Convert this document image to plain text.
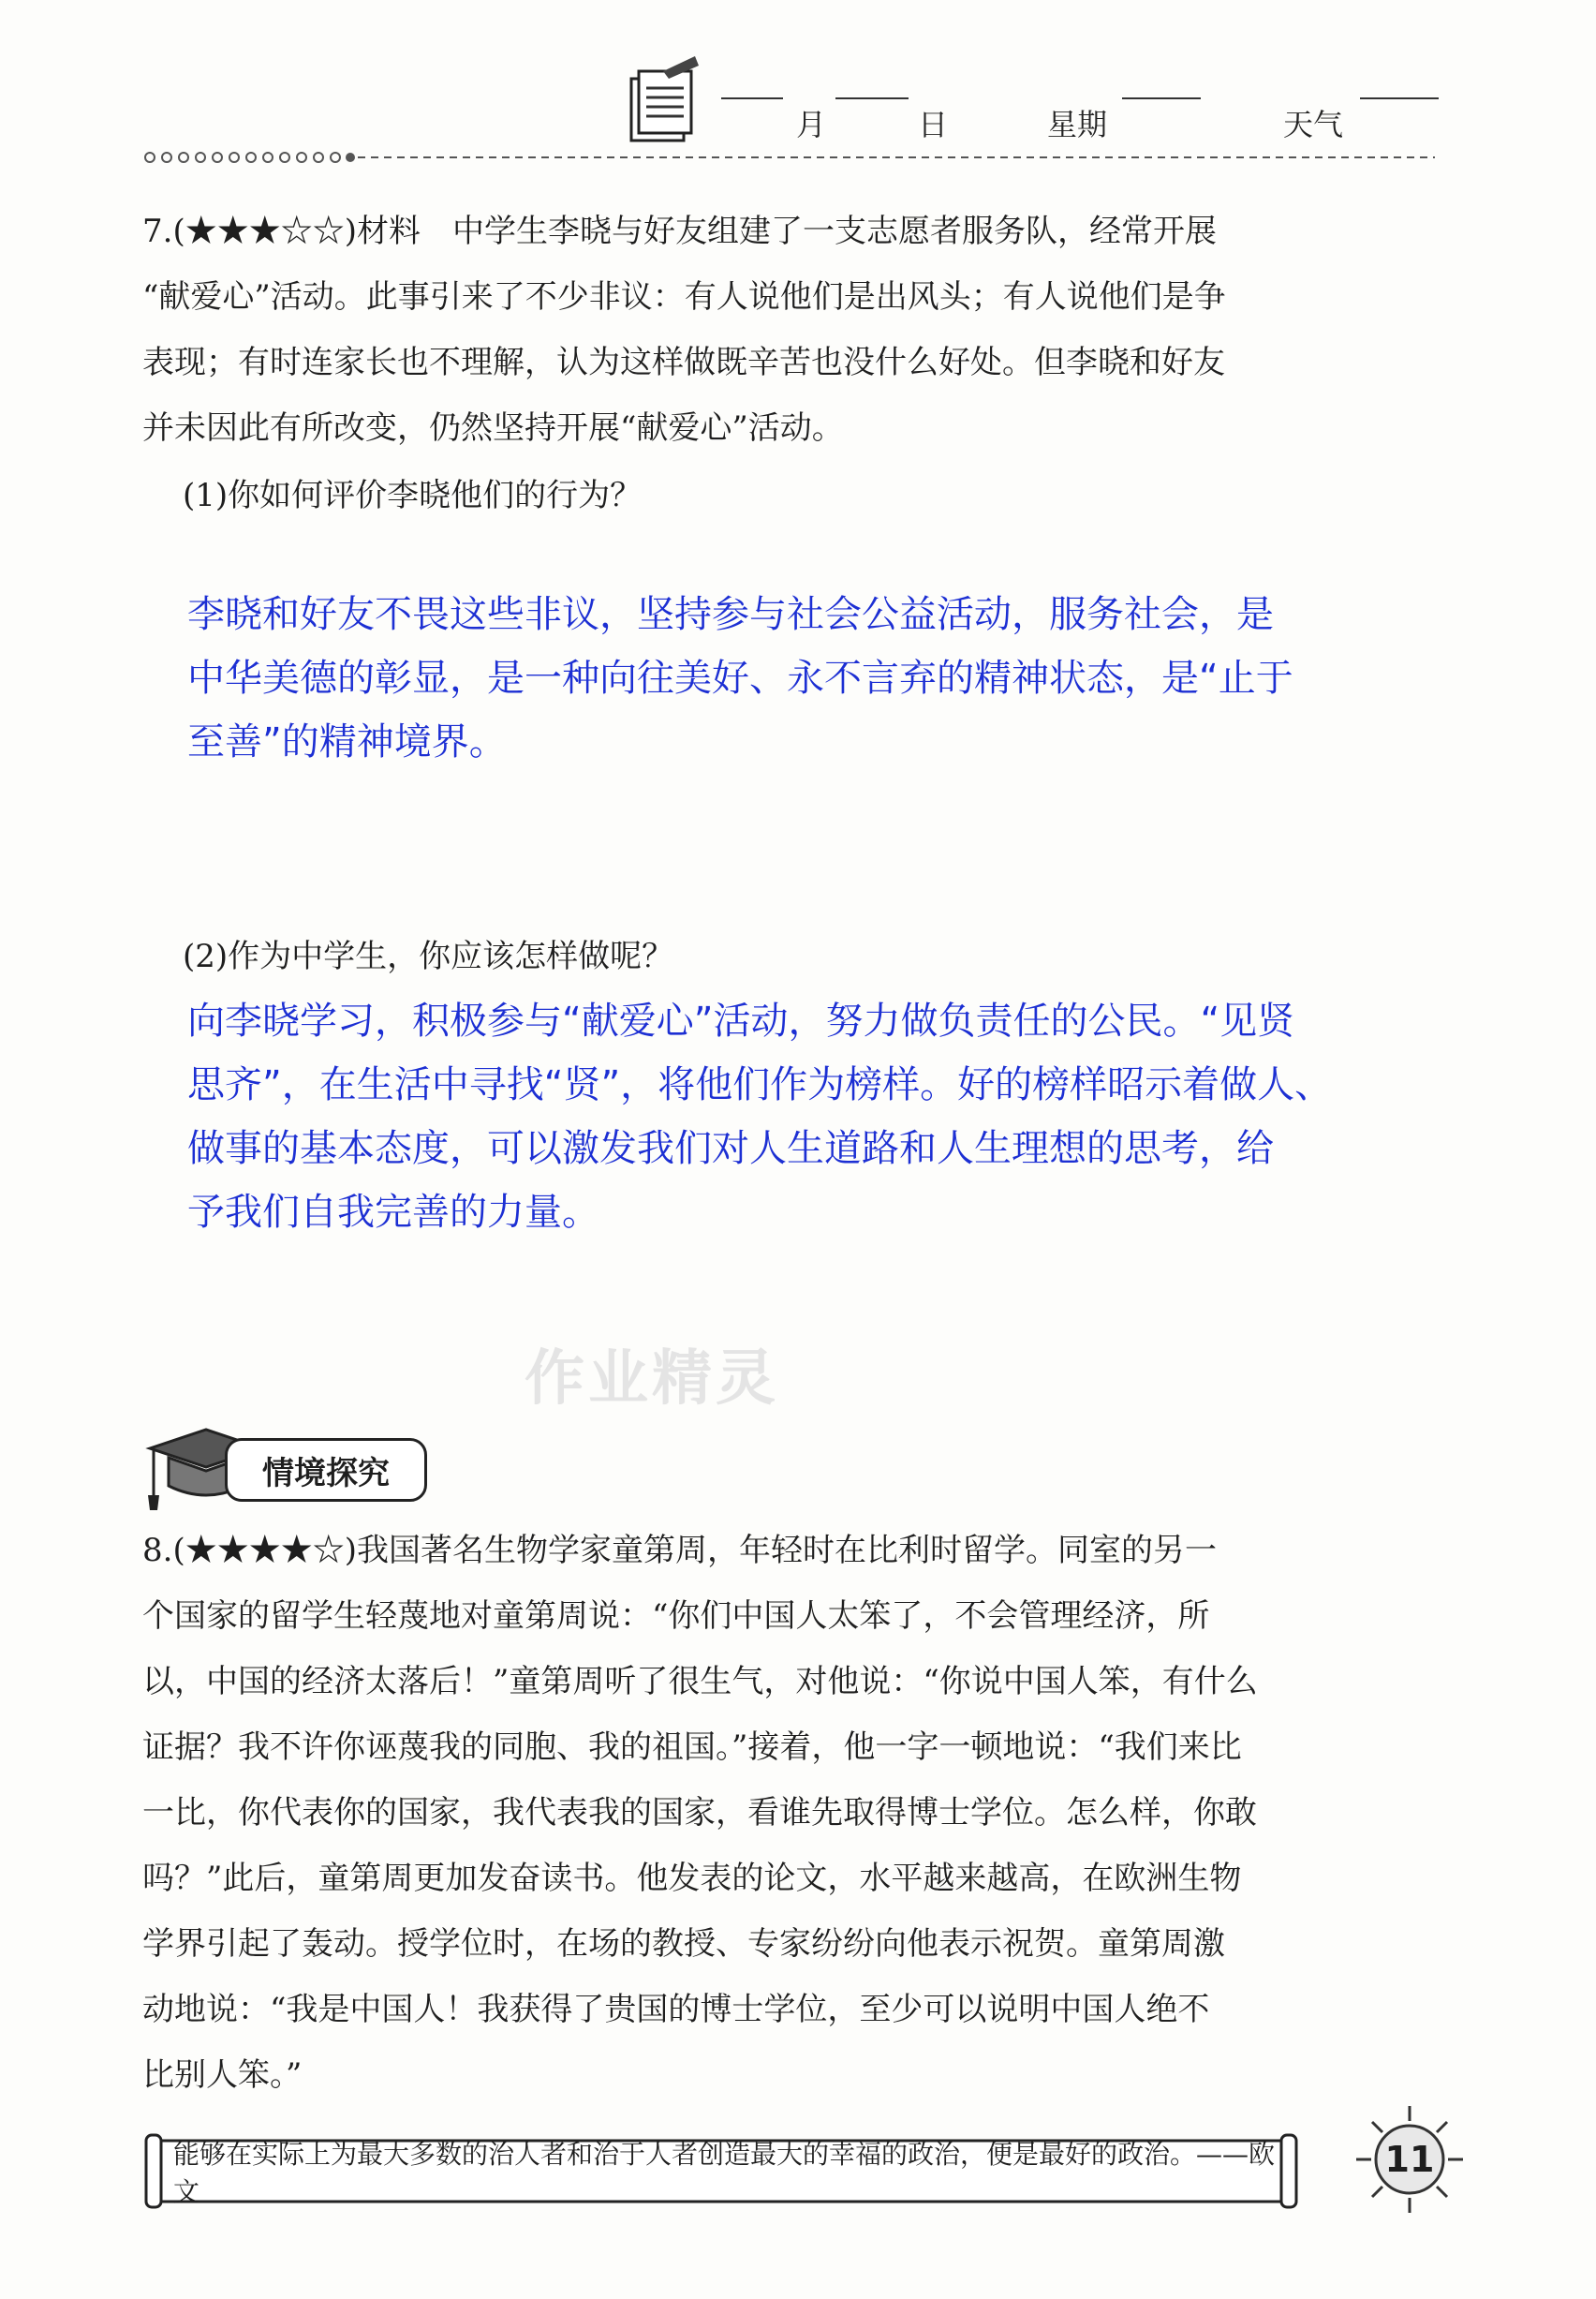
月	日	星期	天气

7.(★★★☆☆)材料　中学生李晓与好友组建了一支志愿者服务队，经常开展

“献爱心”活动。此事引来了不少非议：有人说他们是出风头；有人说他们是争

表现；有时连家长也不理解，认为这样做既辛苦也没什么好处。但李晓和好友

并未因此有所改变，仍然坚持开展“献爱心”活动。

(1)你如何评价李晓他们的行为？

李晓和好友不畏这些非议，坚持参与社会公益活动，服务社会，是

中华美德的彰显，是一种向往美好、永不言弃的精神状态，是“止于

至善”的精神境界。

(2)作为中学生，你应该怎样做呢？

向李晓学习，积极参与“献爱心”活动，努力做负责任的公民。“见贤

思齐”，在生活中寻找“贤”，将他们作为榜样。好的榜样昭示着做人、

做事的基本态度，可以激发我们对人生道路和人生理想的思考，给

予我们自我完善的力量。

作业精灵
情境探究

8.(★★★★☆)我国著名生物学家童第周，年轻时在比利时留学。同室的另一

个国家的留学生轻蔑地对童第周说：“你们中国人太笨了，不会管理经济，所

以，中国的经济太落后！”童第周听了很生气，对他说：“你说中国人笨，有什么

证据？我不许你诬蔑我的同胞、我的祖国。”接着，他一字一顿地说：“我们来比

一比，你代表你的国家，我代表我的国家，看谁先取得博士学位。怎么样，你敢

吗？”此后，童第周更加发奋读书。他发表的论文，水平越来越高，在欧洲生物

学界引起了轰动。授学位时，在场的教授、专家纷纷向他表示祝贺。童第周激

动地说：“我是中国人！我获得了贵国的博士学位，至少可以说明中国人绝不

比别人笨。”

能够在实际上为最大多数的治人者和治于人者创造最大的幸福的政治，便是最好的政治。——欧文
11
